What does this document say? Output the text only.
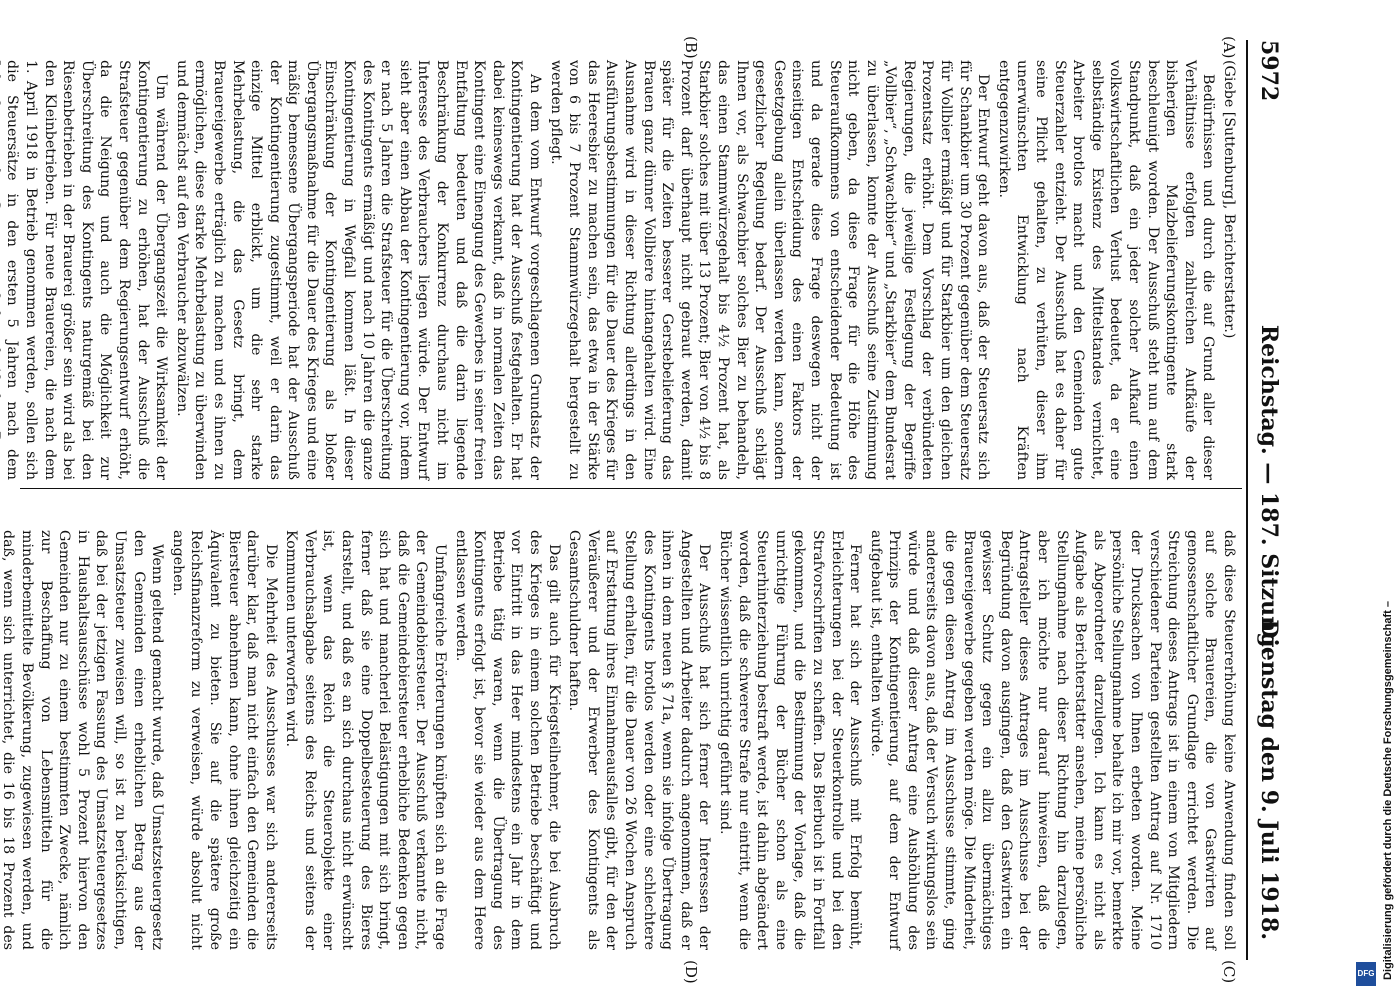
5972
Reichstag. — 187. Sitzung.
Dienstag den 9. Juli 1918.
(A)
(B)
(C)
(D)

(Giebe [Suttenburg], Berichterstatter.)

Bedürfnissen und durch die auf Grund aller dieser Verhältnisse erfolgten zahlreichen Aufkäufe der bisherigen Malzbelieferungskontingente stark beschleunigt worden. Der Ausschuß steht nun auf dem Standpunkt, daß ein jeder solcher Aufkauf einen volkswirtschaftlichen Verlust bedeutet, da er eine selbständige Existenz des Mittelstandes vernichtet, Arbeiter brotlos macht und den Gemeinden gute Steuerzahler entzieht. Der Ausschuß hat es daher für seine Pflicht gehalten, zu verhüten, dieser ihm unerwünschten Entwicklung nach Kräften entgegenzuwirken.

Der Entwurf geht davon aus, daß der Steuersatz sich für Schankbier um 30 Prozent gegenüber dem Steuersatz für Vollbier ermäßigt und für Starkbier um den gleichen Prozentsatz erhöht. Dem Vorschlag der verbündeten Regierungen, die jeweilige Festlegung der Begriffe „Vollbier“, „Schwachbier“ und „Starkbier“ dem Bundesrat zu überlassen, konnte der Ausschuß seine Zustimmung nicht geben, da diese Frage für die Höhe des Steueraufkommens von entscheidender Bedeutung ist und da gerade diese Frage deswegen nicht der einseitigen Entscheidung des einen Faktors der Gesetzgebung allein überlassen werden kann, sondern gesetzlicher Regelung bedarf. Der Ausschuß schlägt Ihnen vor, als Schwachbier solches Bier zu behandeln, das einen Stammwürzegehalt bis 4½ Prozent hat, als Starkbier solches mit über 13 Prozent; Bier von 4½ bis 8 Prozent darf überhaupt nicht gebraut werden, damit später für die Zeiten besserer Gerstebelieferung das Brauen ganz dünner Vollbiere hintangehalten wird. Eine Ausnahme wird in dieser Richtung allerdings in den Ausführungsbestimmungen für die Dauer des Krieges für das Heeresbier zu machen sein, das etwa in der Stärke von 6 bis 7 Prozent Stammwürzegehalt hergestellt zu werden pflegt.

An dem vom Entwurf vorgeschlagenen Grundsatz der Kontingentierung hat der Ausschuß festgehalten. Er hat dabei keineswegs verkannt, daß in normalen Zeiten das Kontingent eine Einengung des Gewerbes in seiner freien Entfaltung bedeuten und daß die darin liegende Beschränkung der Konkurrenz durchaus nicht im Interesse des Verbrauchers liegen würde. Der Entwurf sieht aber einen Abbau der Kontingentierung vor, indem er nach 5 Jahren die Strafsteuer für die Überschreitung des Kontingents ermäßigt und nach 10 Jahren die ganze Kontingentierung in Wegfall kommen läßt. In dieser Einschränkung der Kontingentierung als bloßer Übergangsmaßnahme für die Dauer des Krieges und eine mäßig bemessene Übergangsperiode hat der Ausschuß der Kontingentierung zugestimmt, weil er darin das einzige Mittel erblickt, um die sehr starke Mehrbelastung, die das Gesetz bringt, dem Brauereigewerbe erträglich zu machen und es ihnen zu ermöglichen, diese starke Mehrbelastung zu überwinden und demnächst auf den Verbraucher abzuwälzen.

Um während der Übergangszeit die Wirksamkeit der Kontingentierung zu erhöhen, hat der Ausschuß die Strafsteuer gegenüber dem Regierungsentwurf erhöht, da die Neigung und auch die Möglichkeit zur Überschreitung des Kontingents naturgemäß bei den Riesenbetrieben in der Brauerei größer sein wird als bei den Kleinbetrieben. Für neue Brauereien, die nach dem 1. April 1918 in Betrieb genommen werden, sollen sich die Steuersätze in den ersten 5 Jahren nach dem

daß diese Steuererhöhung keine Anwendung finden soll auf solche Brauereien, die von Gastwirten auf genossenschaftlicher Grundlage errichtet werden. Die Streichung dieses Antrags ist in einem von Mitgliedern verschiedener Parteien gestellten Antrag auf Nr. 1710 der Drucksachen von Ihnen erbeten worden. Meine persönliche Stellungnahme behalte ich mir vor, bemerkte als Abgeordneter darzulegen. Ich kann es nicht als Aufgabe als Berichterstatter ansehen, meine persönliche Stellungnahme nach dieser Richtung hin darzulegen, aber ich möchte nur darauf hinweisen, daß die Antragsteller dieses Antrages im Ausschusse bei der Begründung davon ausgingen, daß den Gastwirten ein gewisser Schutz gegen ein allzu übermächtiges Brauereigewerbe gegeben werden möge. Die Minderheit, die gegen diesen Antrag im Ausschusse stimmte, ging andererseits davon aus, daß der Versuch wirkungslos sein würde und daß dieser Antrag eine Aushöhlung des Prinzips der Kontingentierung, auf dem der Entwurf aufgebaut ist, enthalten würde.

Ferner hat sich der Ausschuß mit Erfolg bemüht, Erleichterungen bei der Steuerkontrolle und bei den Strafvorschriften zu schaffen. Das Bierbuch ist in Fortfall gekommen, und die Bestimmung der Vorlage, daß die unrichtige Führung der Bücher schon als eine Steuerhinterziehung bestraft werde, ist dahin abgeändert worden, daß die schwerere Strafe nur eintritt, wenn die Bücher wissentlich unrichtig geführt sind.

Der Ausschuß hat sich ferner der Interessen der Angestellten und Arbeiter dadurch angenommen, daß er ihnen in dem neuen § 71a, wenn sie infolge Übertragung des Kontingents brotlos werden oder eine schlechtere Stellung erhalten, für die Dauer von 26 Wochen Anspruch auf Erstattung ihres Einnahmeausfalles gibt, für den der Veräußerer und der Erwerber des Kontingents als Gesamtschuldner haften.

Das gilt auch für Kriegsteilnehmer, die bei Ausbruch des Krieges in einem solchen Betriebe beschäftigt und vor Eintritt in das Heer mindestens ein Jahr in dem Betriebe tätig waren, wenn die Übertragung des Kontingents erfolgt ist, bevor sie wieder aus dem Heere entlassen werden.

Umfangreiche Erörterungen knüpften sich an die Frage der Gemeindebiersteuer. Der Ausschuß verkannte nicht, daß die Gemeindebiersteuer erhebliche Bedenken gegen sich hat und mancherlei Belästigungen mit sich bringt, ferner daß sie eine Doppelbesteuerung des Bieres darstellt, und daß es an sich durchaus nicht erwünscht ist, wenn das Reich die Steuerobjekte einer Verbrauchsabgabe seitens des Reichs und seitens der Kommunen unterworfen wird.

Die Mehrheit des Ausschusses war sich andererseits darüber klar, daß man nicht einfach den Gemeinden die Biersteuer abnehmen kann, ohne ihnen gleichzeitig ein Äquivalent zu bieten. Sie auf die spätere große Reichsfinanzreform zu verweisen, würde absolut nicht angehen.

Wenn geltend gemacht wurde, daß Umsatzsteuergesetz den Gemeinden einen erheblichen Betrag aus der Umsatzsteuer zuweisen will, so ist zu berücksichtigen, daß bei der jetzigen Fassung des Umsatzsteuergesetzes in Haushaltsausschüsse wohl 5 Prozent hiervon den Gemeinden nur zu einem bestimmten Zwecke, nämlich zur Beschaffung von Lebensmitteln für die minderbemittelte Bevölkerung, zugewiesen werden, und daß, wenn sich unterrichtet, die 16 bis 18 Prozent des	Digitalisierung gefördert durch die Deutsche Forschungsgemeinschaft –
DFG
